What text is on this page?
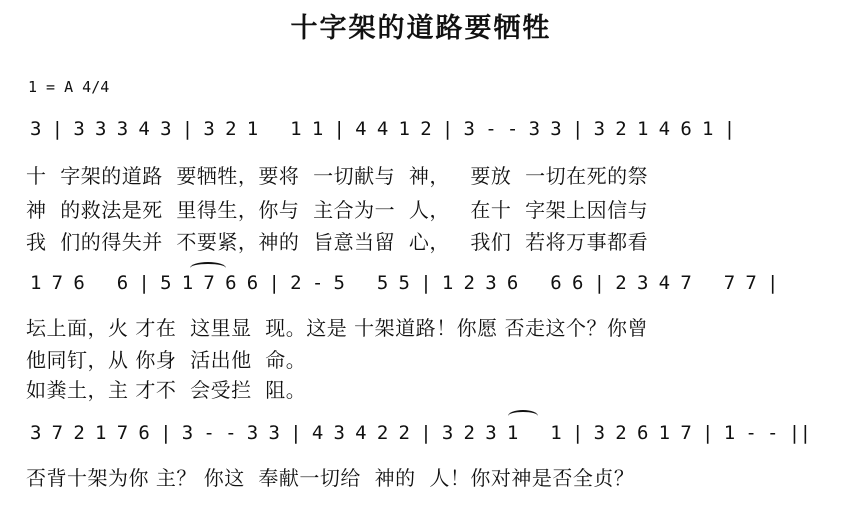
十字架的道路要牺牲
1 = A 4/4
3 | 3 3 3 4 3 | 3 2 1   1 1 | 4 4 1 2 | 3 - - 3 3 | 3 2 1 4 6 1 |
十  字架的道路  要牺牲，要将  一切献与  神，   要放  一切在死的祭
神  的救法是死  里得生，你与  主合为一  人，   在十  字架上因信与
我  们的得失并  不要紧，神的  旨意当留  心，   我们  若将万事都看
1 7 6   6 | 5 1 7 6 6 | 2 - 5   5 5 | 1 2 3 6   6 6 | 2 3 4 7   7 7 |
坛上面，火 才在  这里显  现。这是 十架道路！你愿 否走这个？你曾
他同钉，从 你身  活出他  命。
如粪土，主 才不  会受拦  阻。
3 7 2 1 7 6 | 3 - - 3 3 | 4 3 4 2 2 | 3 2 3 1   1 | 3 2 6 1 7 | 1 - - ||
否背十架为你 主？ 你这  奉献一切给  神的  人！你对神是否全贞？
